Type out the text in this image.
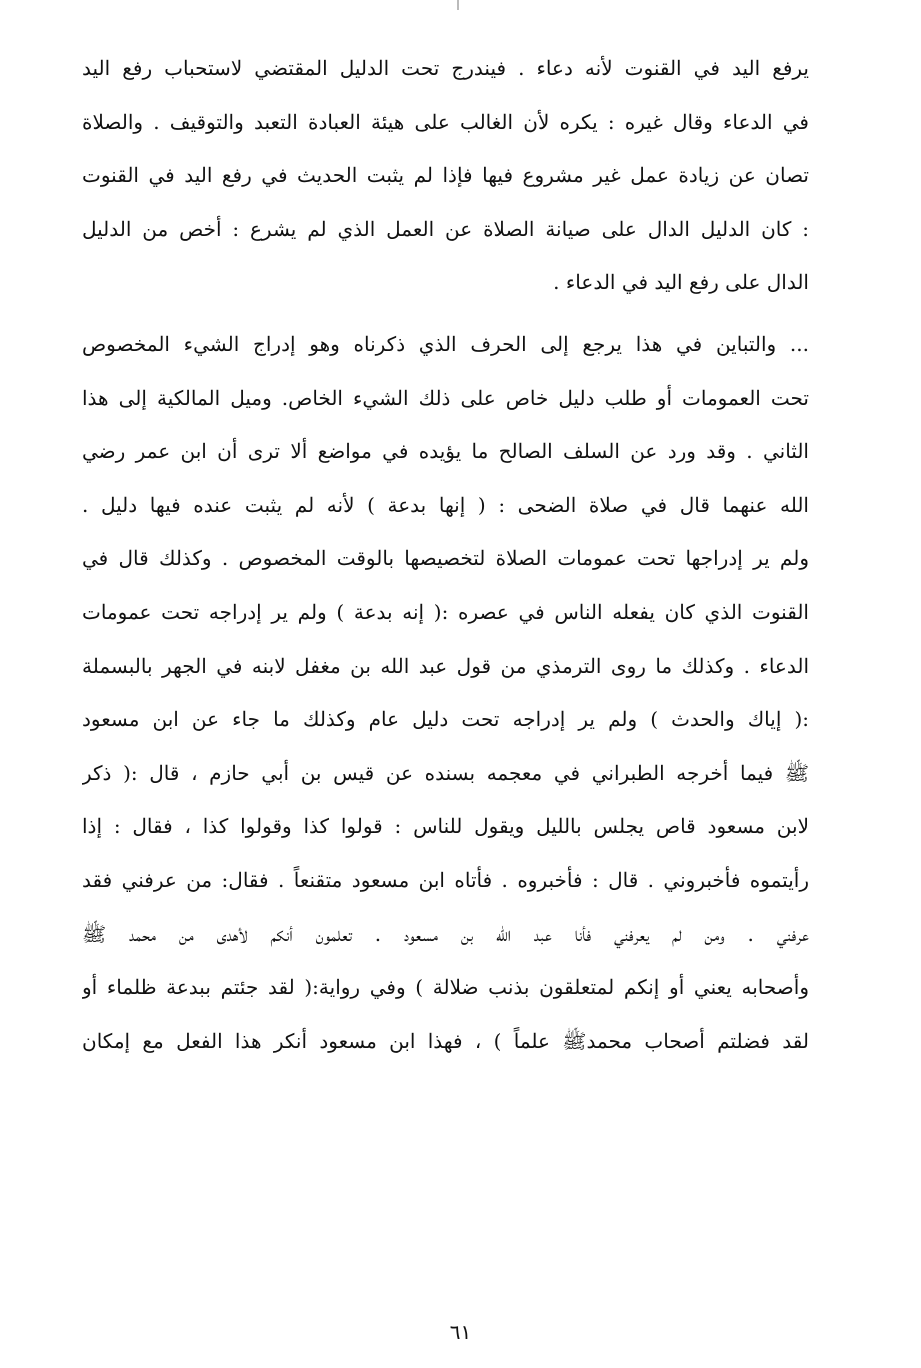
يرفع اليد في القنوت لأنه دعاء . فيندرج تحت الدليل المقتضي لاستحباب رفع اليد
في الدعاء وقال غيره : يكره لأن الغالب على هيئة العبادة التعبد والتوقيف . والصلاة
تصان عن زيادة عمل غير مشروع فيها فإذا لم يثبت الحديث في رفع اليد في القنوت
: كان الدليل الدال على صيانة الصلاة عن العمل الذي لم يشرع : أخص من الدليل
الدال على رفع اليد في الدعاء .
... والتباين في هذا يرجع إلى الحرف الذي ذكرناه وهو إدراج الشيء المخصوص
تحت العمومات أو طلب دليل خاص على ذلك الشيء الخاص. وميل المالكية إلى هذا
الثاني . وقد ورد عن السلف الصالح ما يؤيده في مواضع ألا ترى أن ابن عمر رضي
الله عنهما قال في صلاة الضحى : ( إنها بدعة ) لأنه لم يثبت عنده فيها دليل .
ولم ير إدراجها تحت عمومات الصلاة لتخصيصها بالوقت المخصوص . وكذلك قال في
القنوت الذي كان يفعله الناس في عصره :( إنه بدعة ) ولم ير إدراجه تحت عمومات
الدعاء . وكذلك ما روى الترمذي من قول عبد الله بن مغفل لابنه في الجهر بالبسملة
:( إياك والحدث ) ولم ير إدراجه تحت دليل عام وكذلك ما جاء عن ابن مسعود
ﷺ فيما أخرجه الطبراني في معجمه بسنده عن قيس بن أبي حازم ، قال :( ذكر
لابن مسعود قاص يجلس بالليل ويقول للناس : قولوا كذا وقولوا كذا ، فقال : إذا
رأيتموه فأخبروني . قال : فأخبروه . فأتاه ابن مسعود متقنعاً . فقال: من عرفني فقد
عرفني . ومن لم يعرفني فأنا عبد الله بن مسعود . تعلمون أنكم لأهدى من محمد ﷺ
وأصحابه يعني أو إنكم لمتعلقون بذنب ضلالة ) وفي رواية:( لقد جئتم ببدعة ظلماء أو
لقد فضلتم أصحاب محمدﷺ علماً ) ، فهذا ابن مسعود أنكر هذا الفعل مع إمكان
٦١
